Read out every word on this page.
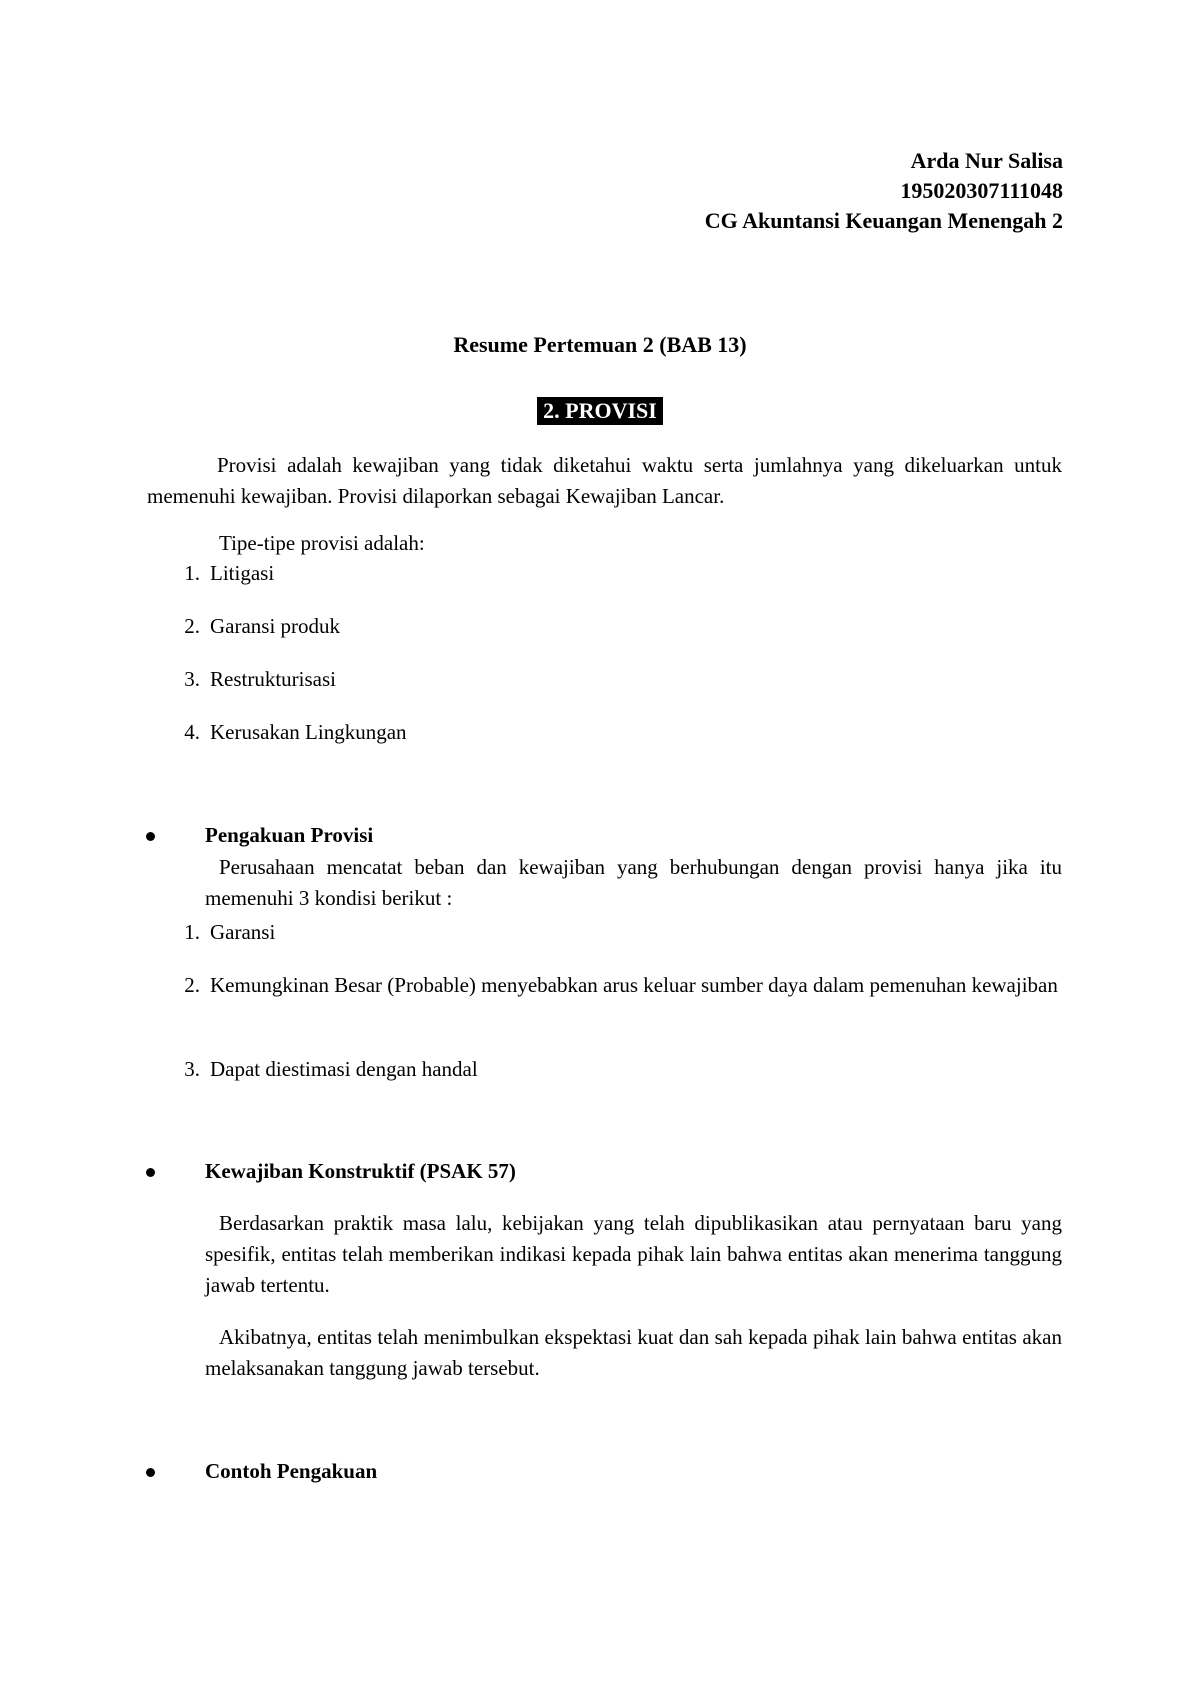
Arda Nur Salisa
195020307111048
CG Akuntansi Keuangan Menengah 2
Resume Pertemuan 2 (BAB 13)
2. PROVISI
Provisi adalah kewajiban yang tidak diketahui waktu serta jumlahnya yang dikeluarkan untuk memenuhi kewajiban. Provisi dilaporkan sebagai Kewajiban Lancar.
Tipe-tipe provisi adalah:
1. Litigasi
2. Garansi produk
3. Restrukturisasi
4. Kerusakan Lingkungan
Pengakuan Provisi
Perusahaan mencatat beban dan kewajiban yang berhubungan dengan provisi hanya jika itu memenuhi 3 kondisi berikut :
1. Garansi
2. Kemungkinan Besar (Probable) menyebabkan arus keluar sumber daya dalam pemenuhan kewajiban
3. Dapat diestimasi dengan handal
Kewajiban Konstruktif (PSAK 57)
Berdasarkan praktik masa lalu, kebijakan yang telah dipublikasikan atau pernyataan baru yang spesifik, entitas telah memberikan indikasi kepada pihak lain bahwa entitas akan menerima tanggung jawab tertentu.
Akibatnya, entitas telah menimbulkan ekspektasi kuat dan sah kepada pihak lain bahwa entitas akan melaksanakan tanggung jawab tersebut.
Contoh Pengakuan
